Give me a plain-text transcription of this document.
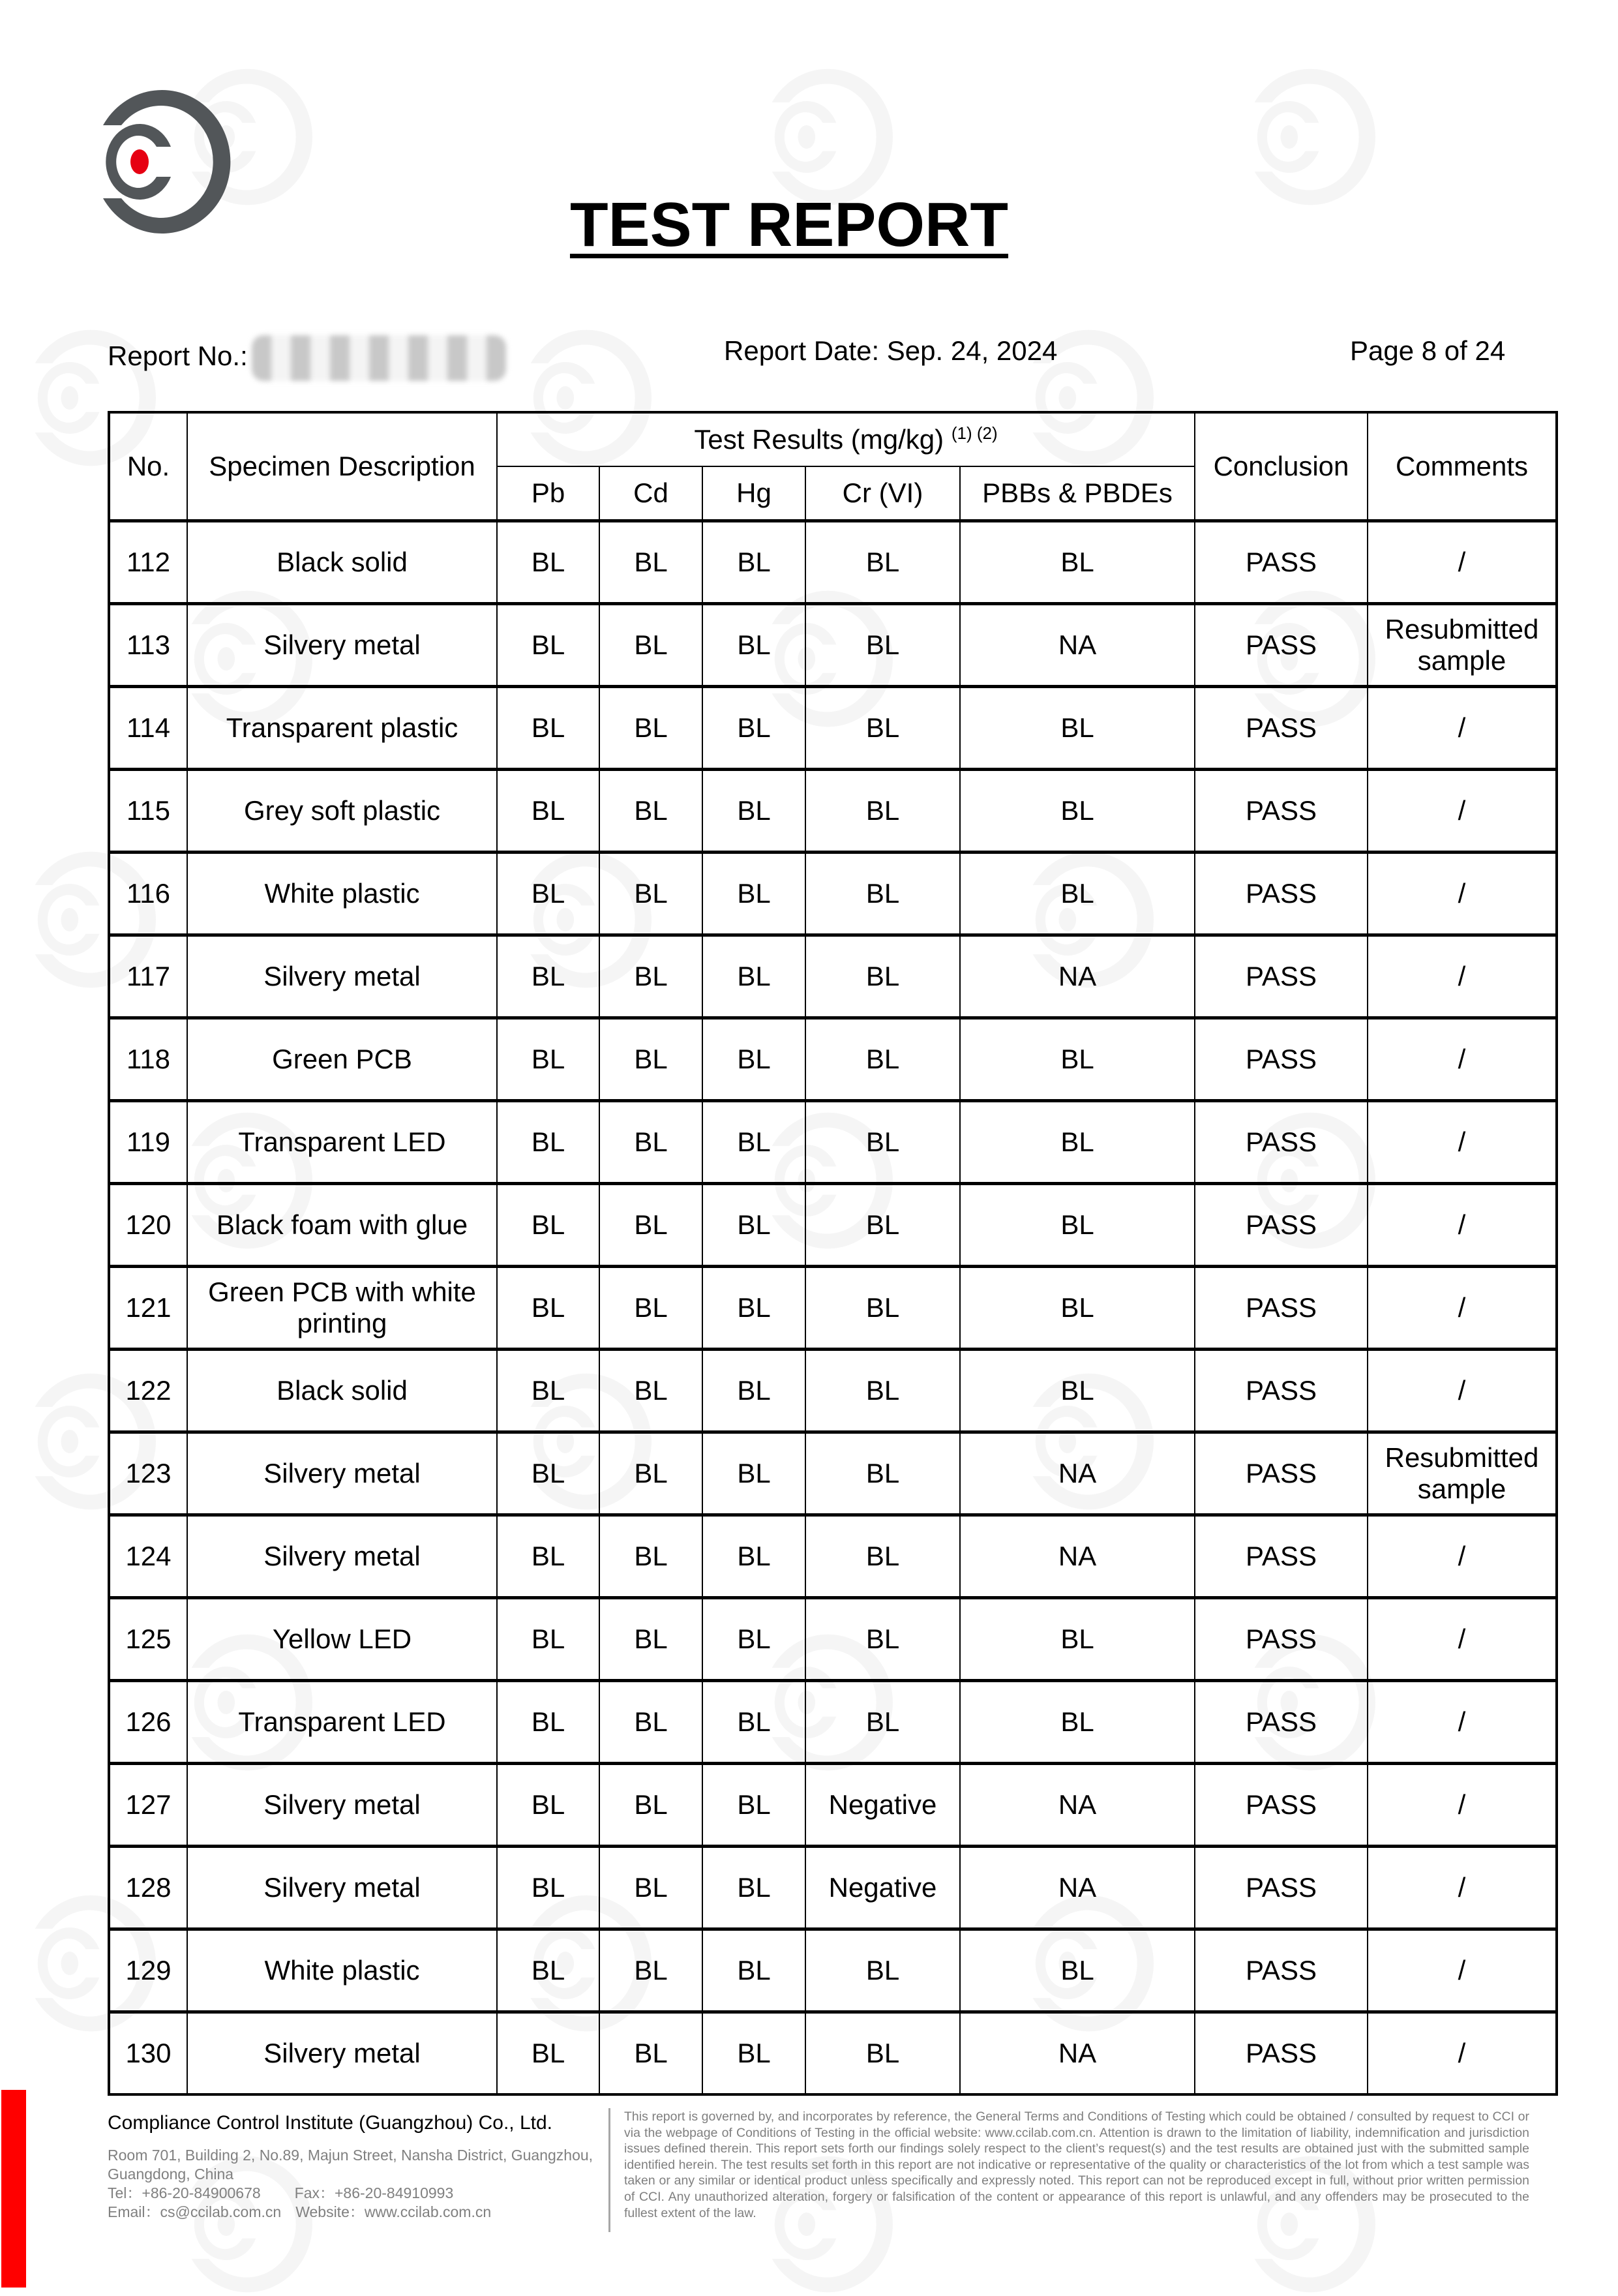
TEST REPORT
Report No.:	Report Date: Sep. 24, 2024	Page 8 of 24
No.	Specimen Description	Test Results (mg/kg) $^{(1) (2)}$					Conclusion	Comments
		Pb	Cd	Hg	Cr (VI)	PBBs & PBDEs		
112	Black solid	BL	BL	BL	BL	BL	PASS	/
113	Silvery metal	BL	BL	BL	BL	NA	PASS	Resubmitted sample
114	Transparent plastic	BL	BL	BL	BL	BL	PASS	/
115	Grey soft plastic	BL	BL	BL	BL	BL	PASS	/
116	White plastic	BL	BL	BL	BL	BL	PASS	/
117	Silvery metal	BL	BL	BL	BL	NA	PASS	/
118	Green PCB	BL	BL	BL	BL	BL	PASS	/
119	Transparent LED	BL	BL	BL	BL	BL	PASS	/
120	Black foam with glue	BL	BL	BL	BL	BL	PASS	/
121	Green PCB with white printing	BL	BL	BL	BL	BL	PASS	/
122	Black solid	BL	BL	BL	BL	BL	PASS	/
123	Silvery metal	BL	BL	BL	BL	NA	PASS	Resubmitted sample
124	Silvery metal	BL	BL	BL	BL	NA	PASS	/
125	Yellow LED	BL	BL	BL	BL	BL	PASS	/
126	Transparent LED	BL	BL	BL	BL	BL	PASS	/
127	Silvery metal	BL	BL	BL	Negative	NA	PASS	/
128	Silvery metal	BL	BL	BL	Negative	NA	PASS	/
129	White plastic	BL	BL	BL	BL	BL	PASS	/
130	Silvery metal	BL	BL	BL	BL	NA	PASS	/
Compliance Control Institute (Guangzhou) Co., Ltd.
Room 701, Building 2, No.89, Majun Street, Nansha District, Guangzhou,
Guangdong, China
Tel：+86-20-84900678 Fax：+86-20-84910993
Email：cs@ccilab.com.cn Website：www.ccilab.com.cn
This report is governed by, and incorporates by reference, the General Terms and Conditions of Testing which could be obtained / consulted by request to CCI or via the webpage of Conditions of Testing in the official website: www.ccilab.com.cn. Attention is drawn to the limitation of liability, indemnification and jurisdiction issues defined therein. This report sets forth our findings solely respect to the client’s request(s) and the test results are obtained just with the submitted sample identified herein. The test results set forth in this report are not indicative or representative of the quality or characteristics of the lot from which a test sample was taken or any similar or identical product unless specifically and expressly noted. This report can not be reproduced except in full, without prior written permission of CCI. Any unauthorized alteration, forgery or falsification of the content or appearance of this report is unlawful, and any offenders may be prosecuted to the fullest extent of the law.
